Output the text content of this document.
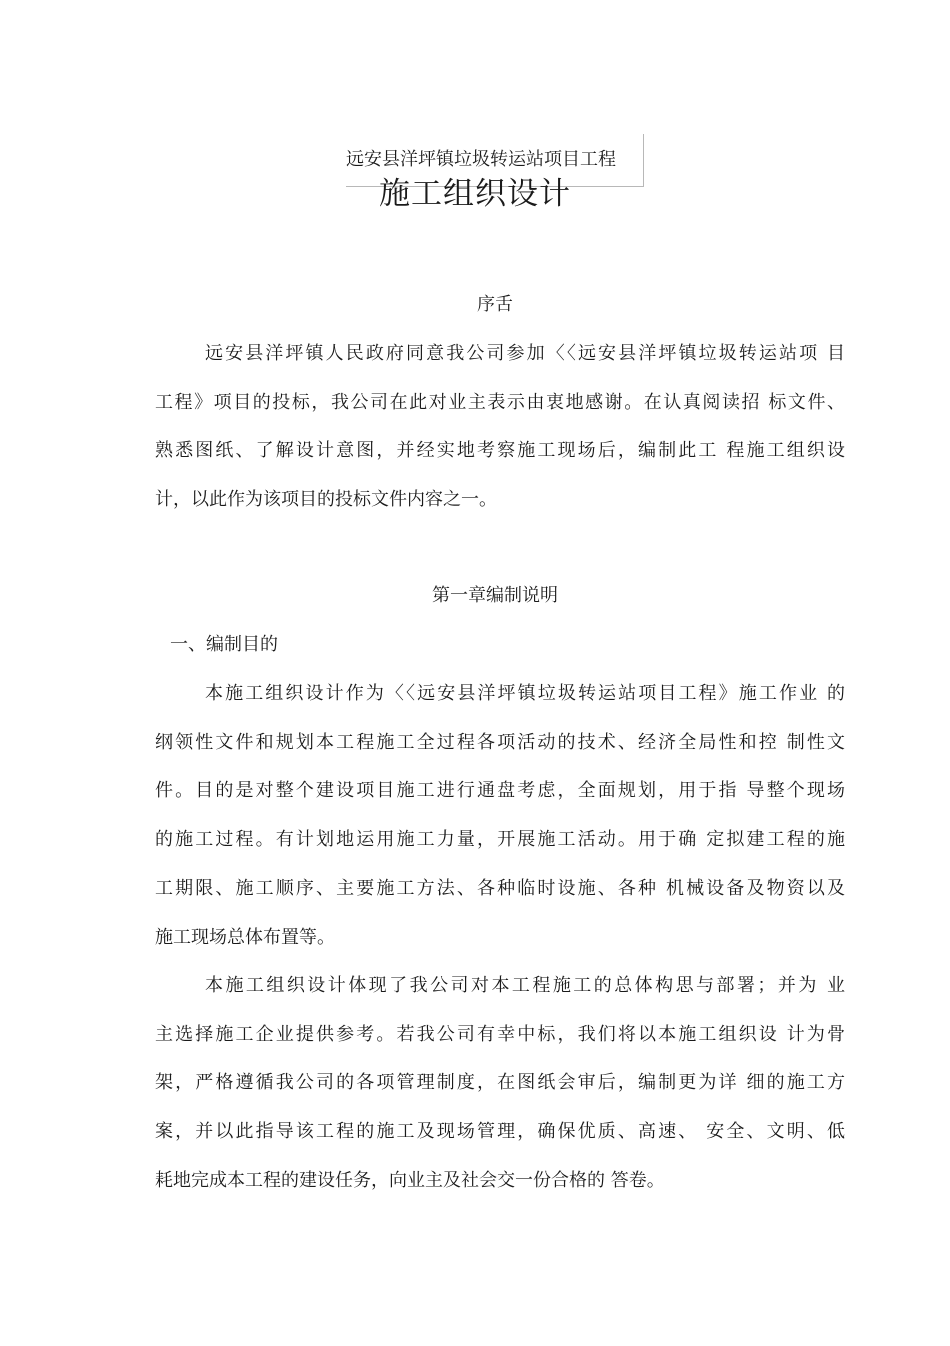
远安县洋坪镇垃圾转运站项目工程
施工组织设计
序舌
远安县洋坪镇人民政府同意我公司参加〈〈远安县洋坪镇垃圾转运站项 目
工程》项目的投标，我公司在此对业主表示由衷地感谢。在认真阅读招 标文件、
熟悉图纸、了解设计意图，并经实地考察施工现场后，编制此工 程施工组织设
计，以此作为该项目的投标文件内容之一。
第一章编制说明
一、编制目的
本施工组织设计作为〈〈远安县洋坪镇垃圾转运站项目工程》施工作业 的
纲领性文件和规划本工程施工全过程各项活动的技术、经济全局性和控 制性文
件。目的是对整个建设项目施工进行通盘考虑，全面规划，用于指 导整个现场
的施工过程。有计划地运用施工力量，开展施工活动。用于确 定拟建工程的施
工期限、施工顺序、主要施工方法、各种临时设施、各种 机械设备及物资以及
施工现场总体布置等。
本施工组织设计体现了我公司对本工程施工的总体构思与部署；并为 业
主选择施工企业提供参考。若我公司有幸中标，我们将以本施工组织设 计为骨
架，严格遵循我公司的各项管理制度，在图纸会审后，编制更为详 细的施工方
案，并以此指导该工程的施工及现场管理，确保优质、高速、 安全、文明、低
耗地完成本工程的建设任务，向业主及社会交一份合格的 答卷。
